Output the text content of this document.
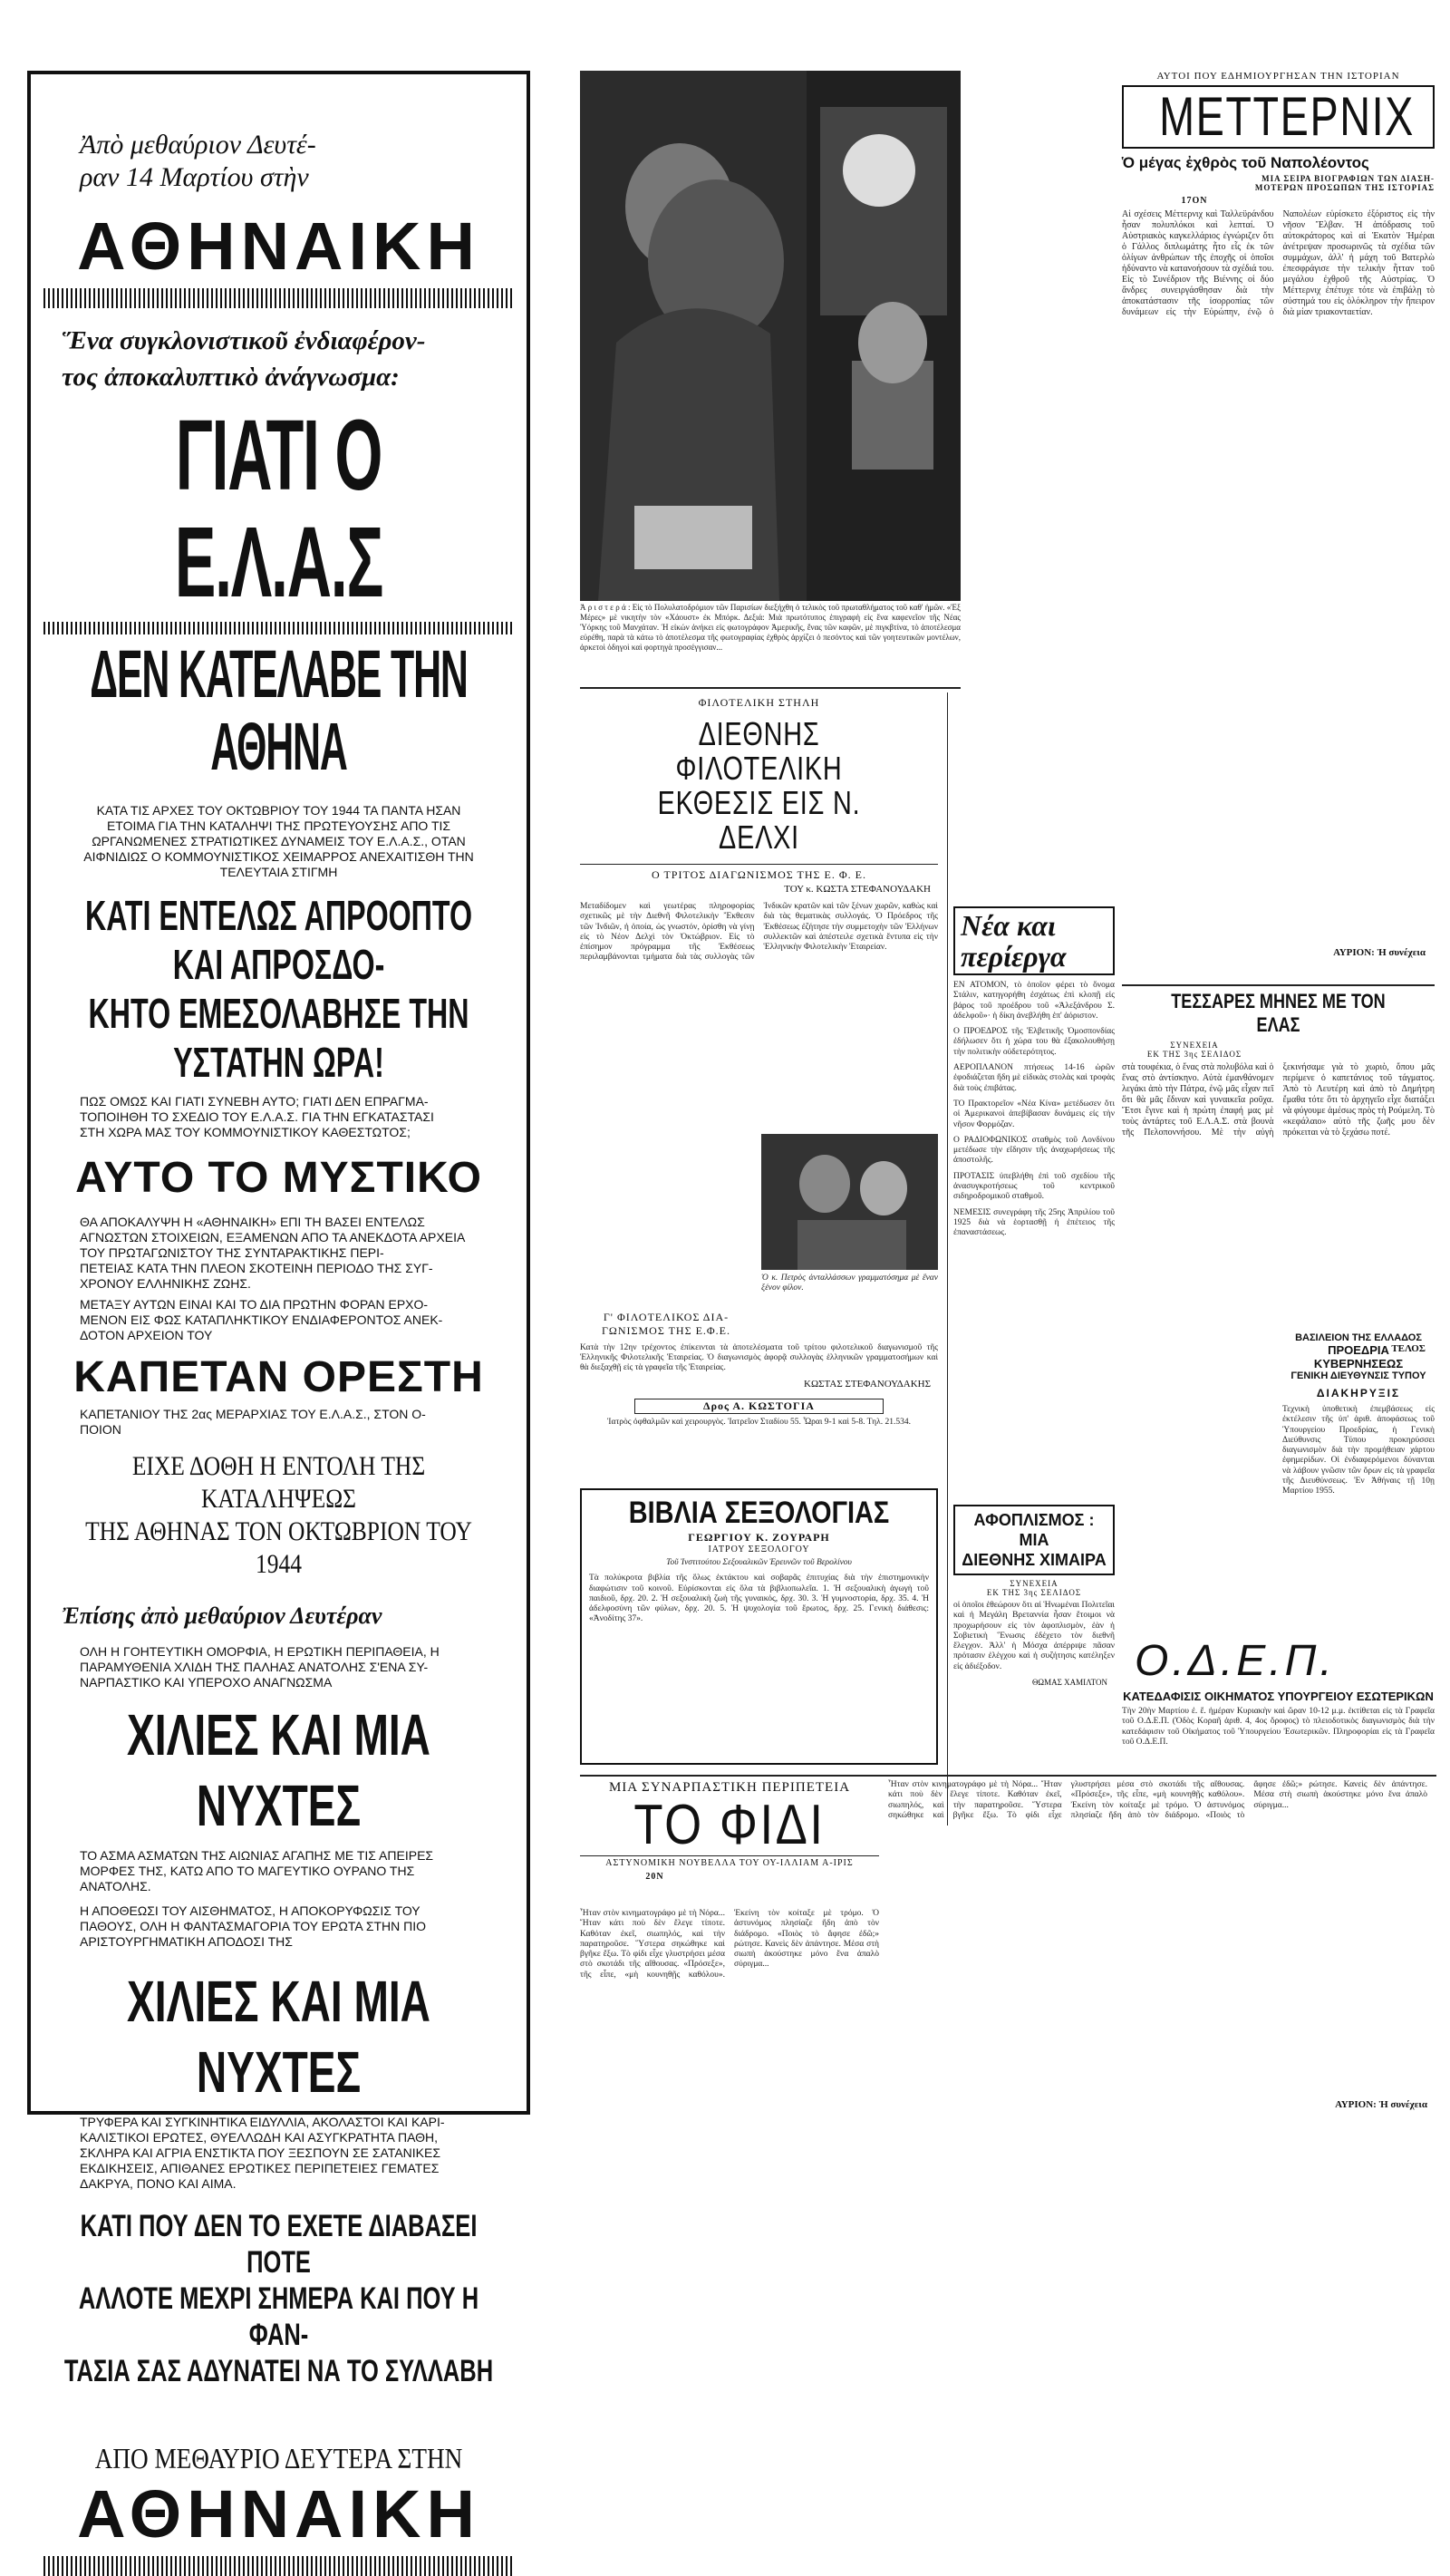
Ἀπὸ μεθαύριον Δευτέ-
ραν 14 Μαρτίου στὴν
ΑΘΗΝΑΙΚΗ
Ἕνα συγκλονιστικοῦ ἐνδιαφέρον-
τος ἀποκαλυπτικὸ ἀνάγνωσμα:
ΓΙΑΤΙ Ο Ε.Λ.Α.Σ
ΔΕΝ ΚΑΤΕΛΑΒΕ ΤΗΝ ΑΘΗΝΑ
ΚΑΤΑ ΤΙΣ ΑΡΧΕΣ ΤΟΥ ΟΚΤΩΒΡΙΟΥ ΤΟΥ 1944 ΤΑ ΠΑΝΤΑ ΗΣΑΝ ΕΤΟΙΜΑ ΓΙΑ ΤΗΝ ΚΑΤΑΛΗΨΙ ΤΗΣ ΠΡΩΤΕΥΟΥΣΗΣ ΑΠΟ ΤΙΣ ΩΡΓΑΝΩΜΕΝΕΣ ΣΤΡΑΤΙΩΤΙΚΕΣ ΔΥΝΑΜΕΙΣ ΤΟΥ Ε.Λ.Α.Σ., ΟΤΑΝ ΑΙΦΝΙΔΙΩΣ Ο ΚΟΜΜΟΥΝΙΣΤΙΚΟΣ ΧΕΙΜΑΡΡΟΣ ΑΝΕΧΑΙΤΙΣΘΗ ΤΗΝ ΤΕΛΕΥΤΑΙΑ ΣΤΙΓΜΗ
ΚΑΤΙ ΕΝΤΕΛΩΣ ΑΠΡΟΟΠΤΟ ΚΑΙ ΑΠΡΟΣΔΟ-
ΚΗΤΟ ΕΜΕΣΟΛΑΒΗΣΕ ΤΗΝ ΥΣΤΑΤΗΝ ΩΡΑ!
ΠΩΣ ΟΜΩΣ ΚΑΙ ΓΙΑΤΙ ΣΥΝΕΒΗ ΑΥΤΟ; ΓΙΑΤΙ ΔΕΝ ΕΠΡΑΓΜΑ-
ΤΟΠΟΙΗΘΗ ΤΟ ΣΧΕΔΙΟ ΤΟΥ Ε.Λ.Α.Σ. ΓΙΑ ΤΗΝ ΕΓΚΑΤΑΣΤΑΣΙ
ΣΤΗ ΧΩΡΑ ΜΑΣ ΤΟΥ ΚΟΜΜΟΥΝΙΣΤΙΚΟΥ ΚΑΘΕΣΤΩΤΟΣ;
ΑΥΤΟ ΤΟ ΜΥΣΤΙΚΟ
ΘΑ ΑΠΟΚΑΛΥΨΗ Η «ΑΘΗΝΑΙΚΗ» ΕΠΙ ΤΗ ΒΑΣΕΙ ΕΝΤΕΛΩΣ ΑΓΝΩΣΤΩΝ ΣΤΟΙΧΕΙΩΝ, ΕΞΑΜΕΝΩΝ ΑΠΟ ΤΑ ΑΝΕΚΔΟΤΑ ΑΡΧΕΙΑ ΤΟΥ ΠΡΩΤΑΓΩΝΙΣΤΟΥ ΤΗΣ ΣΥΝΤΑΡΑΚΤΙΚΗΣ ΠΕΡΙ-
ΠΕΤΕΙΑΣ ΚΑΤΑ ΤΗΝ ΠΛΕΟΝ ΣΚΟΤΕΙΝΗ ΠΕΡΙΟΔΟ ΤΗΣ ΣΥΓ-
ΧΡΟΝΟΥ ΕΛΛΗΝΙΚΗΣ ΖΩΗΣ.
ΜΕΤΑΞΥ ΑΥΤΩΝ ΕΙΝΑΙ ΚΑΙ ΤΟ ΔΙΑ ΠΡΩΤΗΝ ΦΟΡΑΝ ΕΡΧΟ-
ΜΕΝΟΝ ΕΙΣ ΦΩΣ ΚΑΤΑΠΛΗΚΤΙΚΟΥ ΕΝΔΙΑΦΕΡΟΝΤΟΣ ΑΝΕΚ-
ΔΟΤΟΝ ΑΡΧΕΙΟΝ ΤΟΥ
ΚΑΠΕΤΑΝ ΟΡΕΣΤΗ
ΚΑΠΕΤΑΝΙΟΥ ΤΗΣ 2ας ΜΕΡΑΡΧΙΑΣ ΤΟΥ Ε.Λ.Α.Σ., ΣΤΟΝ Ο-
ΠΟΙΟΝ
ΕΙΧΕ ΔΟΘΗ Η ΕΝΤΟΛΗ ΤΗΣ ΚΑΤΑΛΗΨΕΩΣ
ΤΗΣ ΑΘΗΝΑΣ ΤΟΝ ΟΚΤΩΒΡΙΟΝ ΤΟΥ 1944
Ἐπίσης ἀπὸ μεθαύριον Δευτέραν
ΟΛΗ Η ΓΟΗΤΕΥΤΙΚΗ ΟΜΟΡΦΙΑ, Η ΕΡΩΤΙΚΗ ΠΕΡΙΠΑΘΕΙΑ, Η ΠΑΡΑΜΥΘΕΝΙΑ ΧΛΙΔΗ ΤΗΣ ΠΑΛΗΑΣ ΑΝΑΤΟΛΗΣ Σ'ΕΝΑ ΣΥ-
ΝΑΡΠΑΣΤΙΚΟ ΚΑΙ ΥΠΕΡΟΧΟ ΑΝΑΓΝΩΣΜΑ
ΧΙΛΙΕΣ ΚΑΙ ΜΙΑ ΝΥΧΤΕΣ
ΤΟ ΑΣΜΑ ΑΣΜΑΤΩΝ ΤΗΣ ΑΙΩΝΙΑΣ ΑΓΑΠΗΣ ΜΕ ΤΙΣ ΑΠΕΙΡΕΣ ΜΟΡΦΕΣ ΤΗΣ, ΚΑΤΩ ΑΠΟ ΤΟ ΜΑΓΕΥΤΙΚΟ ΟΥΡΑΝΟ ΤΗΣ ΑΝΑΤΟΛΗΣ.
Η ΑΠΟΘΕΩΣΙ ΤΟΥ ΑΙΣΘΗΜΑΤΟΣ, Η ΑΠΟΚΟΡΥΦΩΣΙΣ ΤΟΥ ΠΑΘΟΥΣ, ΟΛΗ Η ΦΑΝΤΑΣΜΑΓΟΡΙΑ ΤΟΥ ΕΡΩΤΑ ΣΤΗΝ ΠΙΟ ΑΡΙΣΤΟΥΡΓΗΜΑΤΙΚΗ ΑΠΟΔΟΣΙ ΤΗΣ
ΧΙΛΙΕΣ ΚΑΙ ΜΙΑ ΝΥΧΤΕΣ
ΤΡΥΦΕΡΑ ΚΑΙ ΣΥΓΚΙΝΗΤΙΚΑ ΕΙΔΥΛΛΙΑ, ΑΚΟΛΑΣΤΟΙ ΚΑΙ ΚΑΡΙ-
ΚΑΛΙΣΤΙΚΟΙ ΕΡΩΤΕΣ, ΘΥΕΛΛΩΔΗ ΚΑΙ ΑΣΥΓΚΡΑΤΗΤΑ ΠΑΘΗ,
ΣΚΛΗΡΑ ΚΑΙ ΑΓΡΙΑ ΕΝΣΤΙΚΤΑ ΠΟΥ ΞΕΣΠΟΥΝ ΣΕ ΣΑΤΑΝΙΚΕΣ
ΕΚΔΙΚΗΣΕΙΣ, ΑΠΙΘΑΝΕΣ ΕΡΩΤΙΚΕΣ ΠΕΡΙΠΕΤΕΙΕΣ ΓΕΜΑΤΕΣ
ΔΑΚΡΥΑ, ΠΟΝΟ ΚΑΙ ΑΙΜΑ.
ΚΑΤΙ ΠΟΥ ΔΕΝ ΤΟ ΕΧΕΤΕ ΔΙΑΒΑΣΕΙ ΠΟΤΕ
ΑΛΛΟΤΕ ΜΕΧΡΙ ΣΗΜΕΡΑ ΚΑΙ ΠΟΥ Η ΦΑΝ-
ΤΑΣΙΑ ΣΑΣ ΑΔΥΝΑΤΕΙ ΝΑ ΤΟ ΣΥΛΛΑΒΗ
ΑΠΟ ΜΕΘΑΥΡΙΟ ΔΕΥΤΕΡΑ ΣΤΗΝ
ΑΘΗΝΑΙΚΗ
Ἀ ρ ι σ τ ε ρ ά : Εἰς τὸ Πολυλατοδρόμιον τῶν Παρισίων διεξήχθη ὁ τελικὸς τοῦ πρωταθλήματος τοῦ καθ' ἡμῶν. «Ἐξ Μέρες» μὲ νικητὴν τὸν «Χάουστ» ἐκ Μπόρκ. Δεξιά: Μιὰ πρωτότυπος ἐπιγραφὴ εἰς ἕνα καφενεῖον τῆς Νέας Ὑόρκης τοῦ Μανχάταν. Ἡ εἰκών ἀνήκει εἰς φωτογράφον Ἀμερικῆς, ἕνας τῶν καφῶν, μὲ πιγκβτίνα, τὸ ἀποτέλεσμα εὐρέθη, παρὰ τὰ κάτω τὸ ἀποτέλεσμα τῆς φωτογραφίας ἐχθρὸς ἀρχίζει ὁ πεσόντος καὶ τῶν γοητευτικῶν μοντέλων, ἀρκετοὶ ὁδηγοὶ καὶ φορτηγὰ προσέγγισαν...
ΦΙΛΟΤΕΛΙΚΗ ΣΤΗΛΗ
ΔΙΕΘΝΗΣ ΦΙΛΟΤΕΛΙΚΗ
ΕΚΘΕΣΙΣ ΕΙΣ Ν. ΔΕΛΧΙ
Ο ΤΡΙΤΟΣ ΔΙΑΓΩΝΙΣΜΟΣ ΤΗΣ Ε. Φ. Ε.
ΤΟΥ κ. ΚΩΣΤΑ ΣΤΕΦΑΝΟΥΔΑΚΗ
Μεταδίδομεν καὶ γεωτέρας πληροφορίας σχετικῶς μὲ τὴν Διεθνῆ Φιλοτελικὴν Ἔκθεσιν τῶν Ἰνδιῶν, ἡ ὁποία, ὡς γνωστόν, ὁρίσθη νὰ γίνῃ εἰς τὸ Νέον Δελχὶ τὸν Ὀκτώβριον. Εἰς τὸ ἐπίσημον πρόγραμμα τῆς Ἐκθέσεως περιλαμβάνονται τμήματα διὰ τὰς συλλογὰς τῶν Ἰνδικῶν κρατῶν καὶ τῶν ξένων χωρῶν, καθὼς καὶ διὰ τὰς θεματικὰς συλλογάς. Ὁ Πρόεδρος τῆς Ἐκθέσεως ἐζήτησε τὴν συμμετοχὴν τῶν Ἑλλήνων συλλεκτῶν καὶ ἀπέστειλε σχετικὰ ἔντυπα εἰς τὴν Ἑλληνικὴν Φιλοτελικὴν Ἑταιρείαν.
Ὁ κ. Πετρὸς ἀνταλλάσσων γραμματόσημα μὲ ἕναν ξένον φίλον.
Γ' ΦΙΛΟΤΕΛΙΚΟΣ ΔΙΑ-
ΓΩΝΙΣΜΟΣ ΤΗΣ Ε.Φ.Ε.
Κατὰ τὴν 12ην τρέχοντος ἐπίκεινται τὰ ἀποτελέσματα τοῦ τρίτου φιλοτελικοῦ διαγωνισμοῦ τῆς Ἑλληνικῆς Φιλοτελικῆς Ἑταιρείας. Ὁ διαγωνισμὸς ἀφορᾷ συλλογὰς ἑλληνικῶν γραμματοσήμων καὶ θὰ διεξαχθῇ εἰς τὰ γραφεῖα τῆς Ἑταιρείας.
ΚΩΣΤΑΣ ΣΤΕΦΑΝΟΥΔΑΚΗΣ
Δρος Α. ΚΩΣΤΟΓΙΑ
Ἰατρὸς ὀφθαλμῶν καὶ χειρουργὸς. Ἰατρεῖον Σταδίου 55. Ὧραι 9-1 καὶ 5-8. Τηλ. 21.534.
ΒΙΒΛΙΑ ΣΕΞΟΛΟΓΙΑΣ
ΓΕΩΡΓΙΟΥ Κ. ΖΟΥΡΑΡΗ
ΙΑΤΡΟΥ ΣΕΞΟΛΟΓΟΥ
Τοῦ Ἰνστιτούτου Σεξουαλικῶν Ἐρευνῶν τοῦ Βερολίνου
Τὰ πολύκροτα βιβλία τῆς ὅλως ἐκτάκτου καὶ σοβαρᾶς ἐπιτυχίας διὰ τὴν ἐπιστημονικὴν διαφώτισιν τοῦ κοινοῦ. Εὑρίσκονται εἰς ὅλα τὰ βιβλιοπωλεῖα. 1. Ἡ σεξουαλικὴ ἀγωγὴ τοῦ παιδιοῦ, δρχ. 20. 2. Ἡ σεξουαλικὴ ζωὴ τῆς γυναικός, δρχ. 30. 3. Ἡ γυμνοστορία, δρχ. 35. 4. Ἡ ἀδελφοσύνη τῶν φύλων, δρχ. 20. 5. Ἡ ψυχολογία τοῦ ἔρωτος, δρχ. 25. Γενικὴ διάθεσις: «Ἀνοδίτης 37».
Νέα και περίεργα
ΕΝ ΑΤΟΜΟΝ, τὸ ὁποῖον φέρει τὸ ὄνομα Στάλιν, κατηγορήθη ἐσχάτως ἐπὶ κλοπῇ εἰς βάρος τοῦ προέδρου τοῦ «Ἀλεξάνδρου Σ. ἀδελφοῦ»· ἡ δίκη ἀνεβλήθη ἐπ' ἀόριστον.
Ο ΠΡΟΕΔΡΟΣ τῆς Ἑλβετικῆς Ὁμοσπονδίας ἐδήλωσεν ὅτι ἡ χώρα του θὰ ἐξακολουθήσῃ τὴν πολιτικὴν οὐδετερότητος.
ΑΕΡΟΠΛΑΝΟΝ πτήσεως 14-16 ὡρῶν ἐφοδιάζεται ἤδη μὲ εἰδικὰς στολὰς καὶ τροφὰς διὰ τοὺς ἐπιβάτας.
ΤΟ Πρακτορεῖον «Νέα Κίνα» μετέδωσεν ὅτι οἱ Ἀμερικανοὶ ἀπεβίβασαν δυνάμεις εἰς τὴν νῆσον Φορμόζαν.
Ο ΡΑΔΙΟΦΩΝΙΚΟΣ σταθμὸς τοῦ Λονδίνου μετέδωσε τὴν εἴδησιν τῆς ἀναχωρήσεως τῆς ἀποστολῆς.
ΠΡΟΤΑΣΙΣ ὑπεβλήθη ἐπὶ τοῦ σχεδίου τῆς ἀνασυγκροτήσεως τοῦ κεντρικοῦ σιδηροδρομικοῦ σταθμοῦ.
ΝΕΜΕΣΙΣ συνεγράφη τῆς 25ης Ἀπριλίου τοῦ 1925 διὰ νὰ ἑορτασθῇ ἡ ἐπέτειος τῆς ἐπαναστάσεως.
ΑΦΟΠΛΙΣΜΟΣ : ΜΙΑ
ΔΙΕΘΝΗΣ ΧΙΜΑΙΡΑ
ΣΥΝΕΧΕΙΑ
ΕΚ ΤΗΣ 3ης ΣΕΛΙΔΟΣ
οἱ ὁποῖοι ἐθεώρουν ὅτι αἱ Ἡνωμέναι Πολιτεῖαι καὶ ἡ Μεγάλη Βρεταννία ἦσαν ἕτοιμοι νὰ προχωρήσουν εἰς τὸν ἀφοπλισμὸν, ἐὰν ἡ Σοβιετικὴ Ἕνωσις ἐδέχετο τὸν διεθνῆ ἔλεγχον. Ἀλλ' ἡ Μόσχα ἀπέρριψε πᾶσαν πρότασιν ἐλέγχου καὶ ἡ συζήτησις κατέληξεν εἰς ἀδιέξοδον.
ΘΩΜΑΣ ΧΑΜΙΛΤΟΝ
ΑΥΤΟΙ ΠΟΥ ΕΔΗΜΙΟΥΡΓΗΣΑΝ ΤΗΝ ΙΣΤΟΡΙΑΝ
ΜΕΤΤΕΡΝΙΧ
Ὁ μέγας ἐχθρὸς τοῦ Ναπολέοντος
ΜΙΑ ΣΕΙΡΑ ΒΙΟΓΡΑΦΙΩΝ ΤΩΝ ΔΙΑΣΗ-
ΜΟΤΕΡΩΝ ΠΡΟΣΩΠΩΝ ΤΗΣ ΙΣΤΟΡΙΑΣ
17ΟΝ
Αἱ σχέσεις Μέττερνιχ καὶ Ταλλεϋράνδου ἦσαν πολυπλόκοι καὶ λεπταί. Ὁ Αὐστριακὸς καγκελλάριος ἐγνώριζεν ὅτι ὁ Γάλλος διπλωμάτης ἦτο εἷς ἐκ τῶν ὀλίγων ἀνθρώπων τῆς ἐποχῆς οἱ ὁποῖοι ἠδύναντο νὰ κατανοήσουν τὰ σχέδιά του. Εἰς τὸ Συνέδριον τῆς Βιέννης οἱ δύο ἄνδρες συνειργάσθησαν διὰ τὴν ἀποκατάστασιν τῆς ἰσορροπίας τῶν δυνάμεων εἰς τὴν Εὐρώπην, ἐνῷ ὁ Ναπολέων εὑρίσκετο ἐξόριστος εἰς τὴν νῆσον Ἔλβαν. Ἡ ἀπόδρασις τοῦ αὐτοκράτορος καὶ αἱ Ἑκατὸν Ἡμέραι ἀνέτρεψαν προσωρινῶς τὰ σχέδια τῶν συμμάχων, ἀλλ' ἡ μάχη τοῦ Βατερλὼ ἐπεσφράγισε τὴν τελικὴν ἧτταν τοῦ μεγάλου ἐχθροῦ τῆς Αὐστρίας. Ὁ Μέττερνιχ ἐπέτυχε τότε νὰ ἐπιβάλῃ τὸ σύστημά του εἰς ὁλόκληρον τὴν ἤπειρον διὰ μίαν τριακονταετίαν.
ΑΥΡΙΟΝ: Ἡ συνέχεια
ΤΕΣΣΑΡΕΣ ΜΗΝΕΣ ΜΕ ΤΟΝ ΕΛΑΣ
ΣΥΝΕΧΕΙΑ
ΕΚ ΤΗΣ 3ης ΣΕΛΙΔΟΣ
στὰ τουφέκια, ὁ ἕνας στὰ πολυβόλα καὶ ὁ ἕνας στὸ ἀντίσκηνο. Αὐτὰ ἐμανθάνομεν λεγάκι ἀπὸ τὴν Πάτρα, ἐνῷ μᾶς εἶχαν πεῖ ὅτι θὰ μᾶς ἔδιναν καὶ γυναικεῖα ροῦχα. Ἔτσι ἔγινε καὶ ἡ πρώτη ἐπαφή μας μὲ τοὺς ἀντάρτες τοῦ Ε.Λ.Α.Σ. στὰ βουνὰ τῆς Πελοποννήσου. Μὲ τὴν αὐγὴ ξεκινήσαμε γιὰ τὸ χωριὸ, ὅπου μᾶς περίμενε ὁ καπετάνιος τοῦ τάγματος. Ἀπὸ τὸ Λευτέρη καὶ ἀπὸ τὸ Δημήτρη ἔμαθα τότε ὅτι τὸ ἀρχηγεῖο εἶχε διατάξει νὰ φύγουμε ἀμέσως πρὸς τὴ Ρούμελη. Τὸ «κεφάλαιο» αὐτὸ τῆς ζωῆς μου δὲν πρόκειται νὰ τὸ ξεχάσω ποτέ.
ΤΕΛΟΣ
ΒΑΣΙΛΕΙΟΝ ΤΗΣ ΕΛΛΑΔΟΣ
ΠΡΟΕΔΡΙΑ ΚΥΒΕΡΝΗΣΕΩΣ
ΓΕΝΙΚΗ ΔΙΕΥΘΥΝΣΙΣ ΤΥΠΟΥ
ΔΙΑΚΗΡΥΞΙΣ
Τεχνικὴ ὑποθετικὴ ἐπεμβάσεως εἰς ἐκτέλεσιν τῆς ὑπ' ἀριθ. ἀποφάσεως τοῦ Ὑπουργείου Προεδρίας, ἡ Γενικὴ Διεύθυνσις Τύπου προκηρύσσει διαγωνισμὸν διὰ τὴν προμήθειαν χάρτου ἐφημερίδων. Οἱ ἐνδιαφερόμενοι δύνανται νὰ λάβουν γνῶσιν τῶν ὅρων εἰς τὰ γραφεῖα τῆς Διευθύνσεως. Ἐν Ἀθήναις τῇ 10ῃ Μαρτίου 1955.
Ο.Δ.Ε.Π.
ΚΑΤΕΔΑΦΙΣΙΣ ΟΙΚΗΜΑΤΟΣ ΥΠΟΥΡΓΕΙΟΥ ΕΣΩΤΕΡΙΚΩΝ
Τὴν 20ὴν Μαρτίου ἐ. ἔ. ἡμέραν Κυριακὴν καὶ ὥραν 10-12 μ.μ. ἐκτίθεται εἰς τὰ Γραφεῖα τοῦ Ο.Δ.Ε.Π. (Ὁδὸς Κοραῆ ἀριθ. 4, 4ος ὄροφος) τὸ πλειοδοτικὸς διαγωνισμὸς διὰ τὴν κατεδάφισιν τοῦ Οἰκήματος τοῦ Ὑπουργείου Ἐσωτερικῶν. Πληροφορίαι εἰς τὰ Γραφεῖα τοῦ Ο.Δ.Ε.Π.
ΜΙΑ ΣΥΝΑΡΠΑΣΤΙΚΗ ΠΕΡΙΠΕΤΕΙΑ
ΤΟ ΦΙΔΙ
ΑΣΤΥΝΟΜΙΚΗ ΝΟΥΒΕΛΛΑ ΤΟΥ ΟΥ-ΙΛΛΙΑΜ Α-ΙΡΙΣ
20Ν
Ἦταν στὸν κινηματογράφο μὲ τὴ Νόρα... Ἤταν κάτι ποὺ δὲν ἔλεγε τίποτε. Καθόταν ἐκεῖ, σιωπηλός, καὶ τὴν παρατηροῦσε. Ὕστερα σηκώθηκε καὶ βγῆκε ἔξω. Τὸ φίδι εἶχε γλυστρήσει μέσα στὸ σκοτάδι τῆς αἴθουσας. «Πρόσεξε», τῆς εἶπε, «μὴ κουνηθῇς καθόλου». Ἐκείνη τὸν κοίταξε μὲ τρόμο. Ὁ ἀστυνόμος πλησίαζε ἤδη ἀπὸ τὸν διάδρομο. «Ποιὸς τὸ ἄφησε ἐδῶ;» ρώτησε. Κανεὶς δὲν ἀπάντησε. Μέσα στὴ σιωπὴ ἀκούστηκε μόνο ἕνα ἀπαλὸ σύριγμα...
Ἦταν στὸν κινηματογράφο μὲ τὴ Νόρα... Ἤταν κάτι ποὺ δὲν ἔλεγε τίποτε. Καθόταν ἐκεῖ, σιωπηλός, καὶ τὴν παρατηροῦσε. Ὕστερα σηκώθηκε καὶ βγῆκε ἔξω. Τὸ φίδι εἶχε γλυστρήσει μέσα στὸ σκοτάδι τῆς αἴθουσας. «Πρόσεξε», τῆς εἶπε, «μὴ κουνηθῇς καθόλου». Ἐκείνη τὸν κοίταξε μὲ τρόμο. Ὁ ἀστυνόμος πλησίαζε ἤδη ἀπὸ τὸν διάδρομο. «Ποιὸς τὸ ἄφησε ἐδῶ;» ρώτησε. Κανεὶς δὲν ἀπάντησε. Μέσα στὴ σιωπὴ ἀκούστηκε μόνο ἕνα ἀπαλὸ σύριγμα...
ΑΥΡΙΟΝ: Ἡ συνέχεια
